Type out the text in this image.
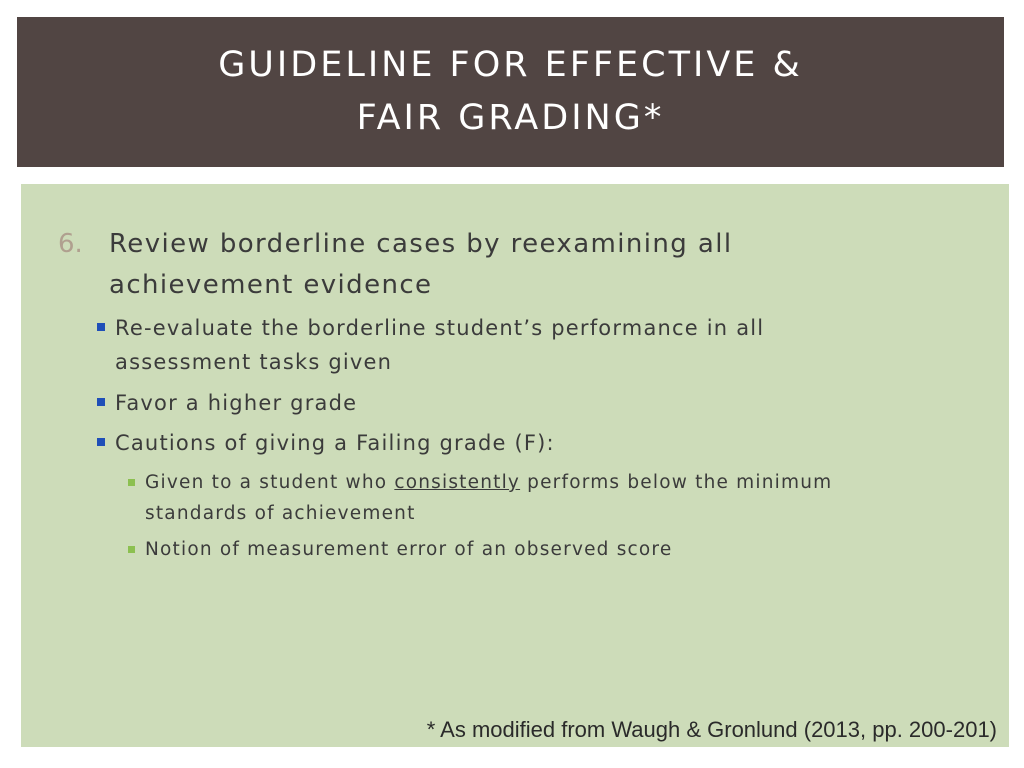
GUIDELINE FOR EFFECTIVE &
FAIR GRADING*
6. Review borderline cases by reexamining all
achievement evidence
Re-evaluate the borderline student’s performance in all
assessment tasks given
Favor a higher grade
Cautions of giving a Failing grade (F):
Given to a student who consistently performs below the minimum
standards of achievement
Notion of measurement error of an observed score
* As modified from Waugh & Gronlund (2013, pp. 200-201)
